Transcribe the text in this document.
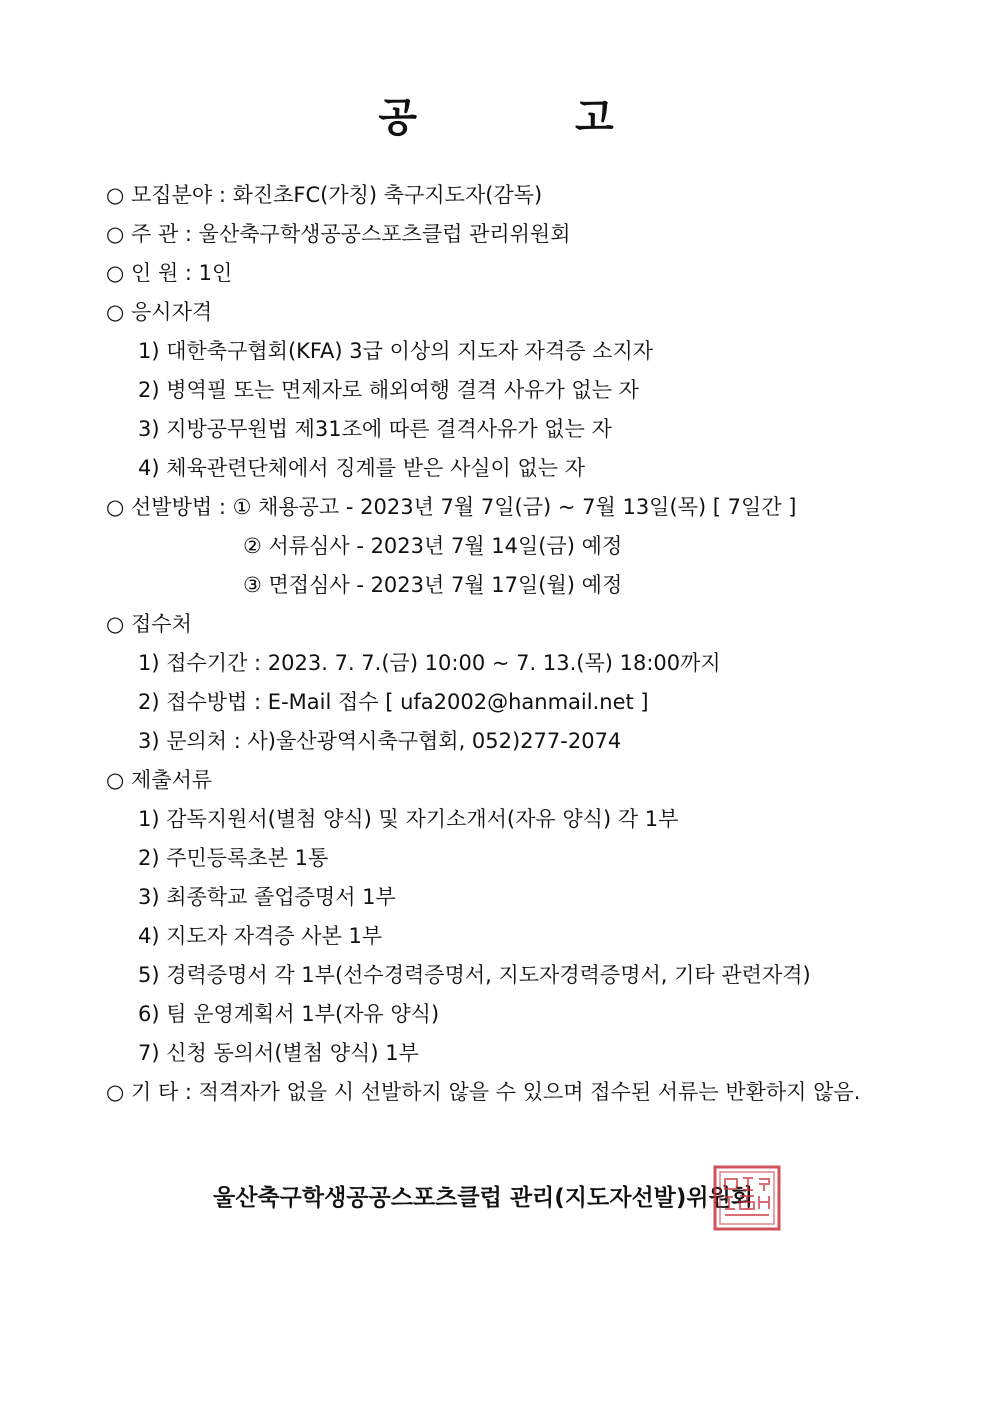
공 고
○ 모집분야 : 화진초FC(가칭) 축구지도자(감독)
○ 주 관 : 울산축구학생공공스포츠클럽 관리위원회
○ 인 원 : 1인
○ 응시자격
1) 대한축구협회(KFA) 3급 이상의 지도자 자격증 소지자
2) 병역필 또는 면제자로 해외여행 결격 사유가 없는 자
3) 지방공무원법 제31조에 따른 결격사유가 없는 자
4) 체육관련단체에서 징계를 받은 사실이 없는 자
○ 선발방법 : ① 채용공고 - 2023년 7월 7일(금) ~ 7월 13일(목) [ 7일간 ]
② 서류심사 - 2023년 7월 14일(금) 예정
③ 면접심사 - 2023년 7월 17일(월) 예정
○ 접수처
1) 접수기간 : 2023. 7. 7.(금) 10:00 ~ 7. 13.(목) 18:00까지
2) 접수방법 : E-Mail 접수 [ ufa2002@hanmail.net ]
3) 문의처 : 사)울산광역시축구협회, 052)277-2074
○ 제출서류
1) 감독지원서(별첨 양식) 및 자기소개서(자유 양식) 각 1부
2) 주민등록초본 1통
3) 최종학교 졸업증명서 1부
4) 지도자 자격증 사본 1부
5) 경력증명서 각 1부(선수경력증명서, 지도자경력증명서, 기타 관련자격)
6) 팀 운영계획서 1부(자유 양식)
7) 신청 동의서(별첨 양식) 1부
○ 기 타 : 적격자가 없을 시 선발하지 않을 수 있으며 접수된 서류는 반환하지 않음.
울산축구학생공공스포츠클럽 관리(지도자선발)위원회
